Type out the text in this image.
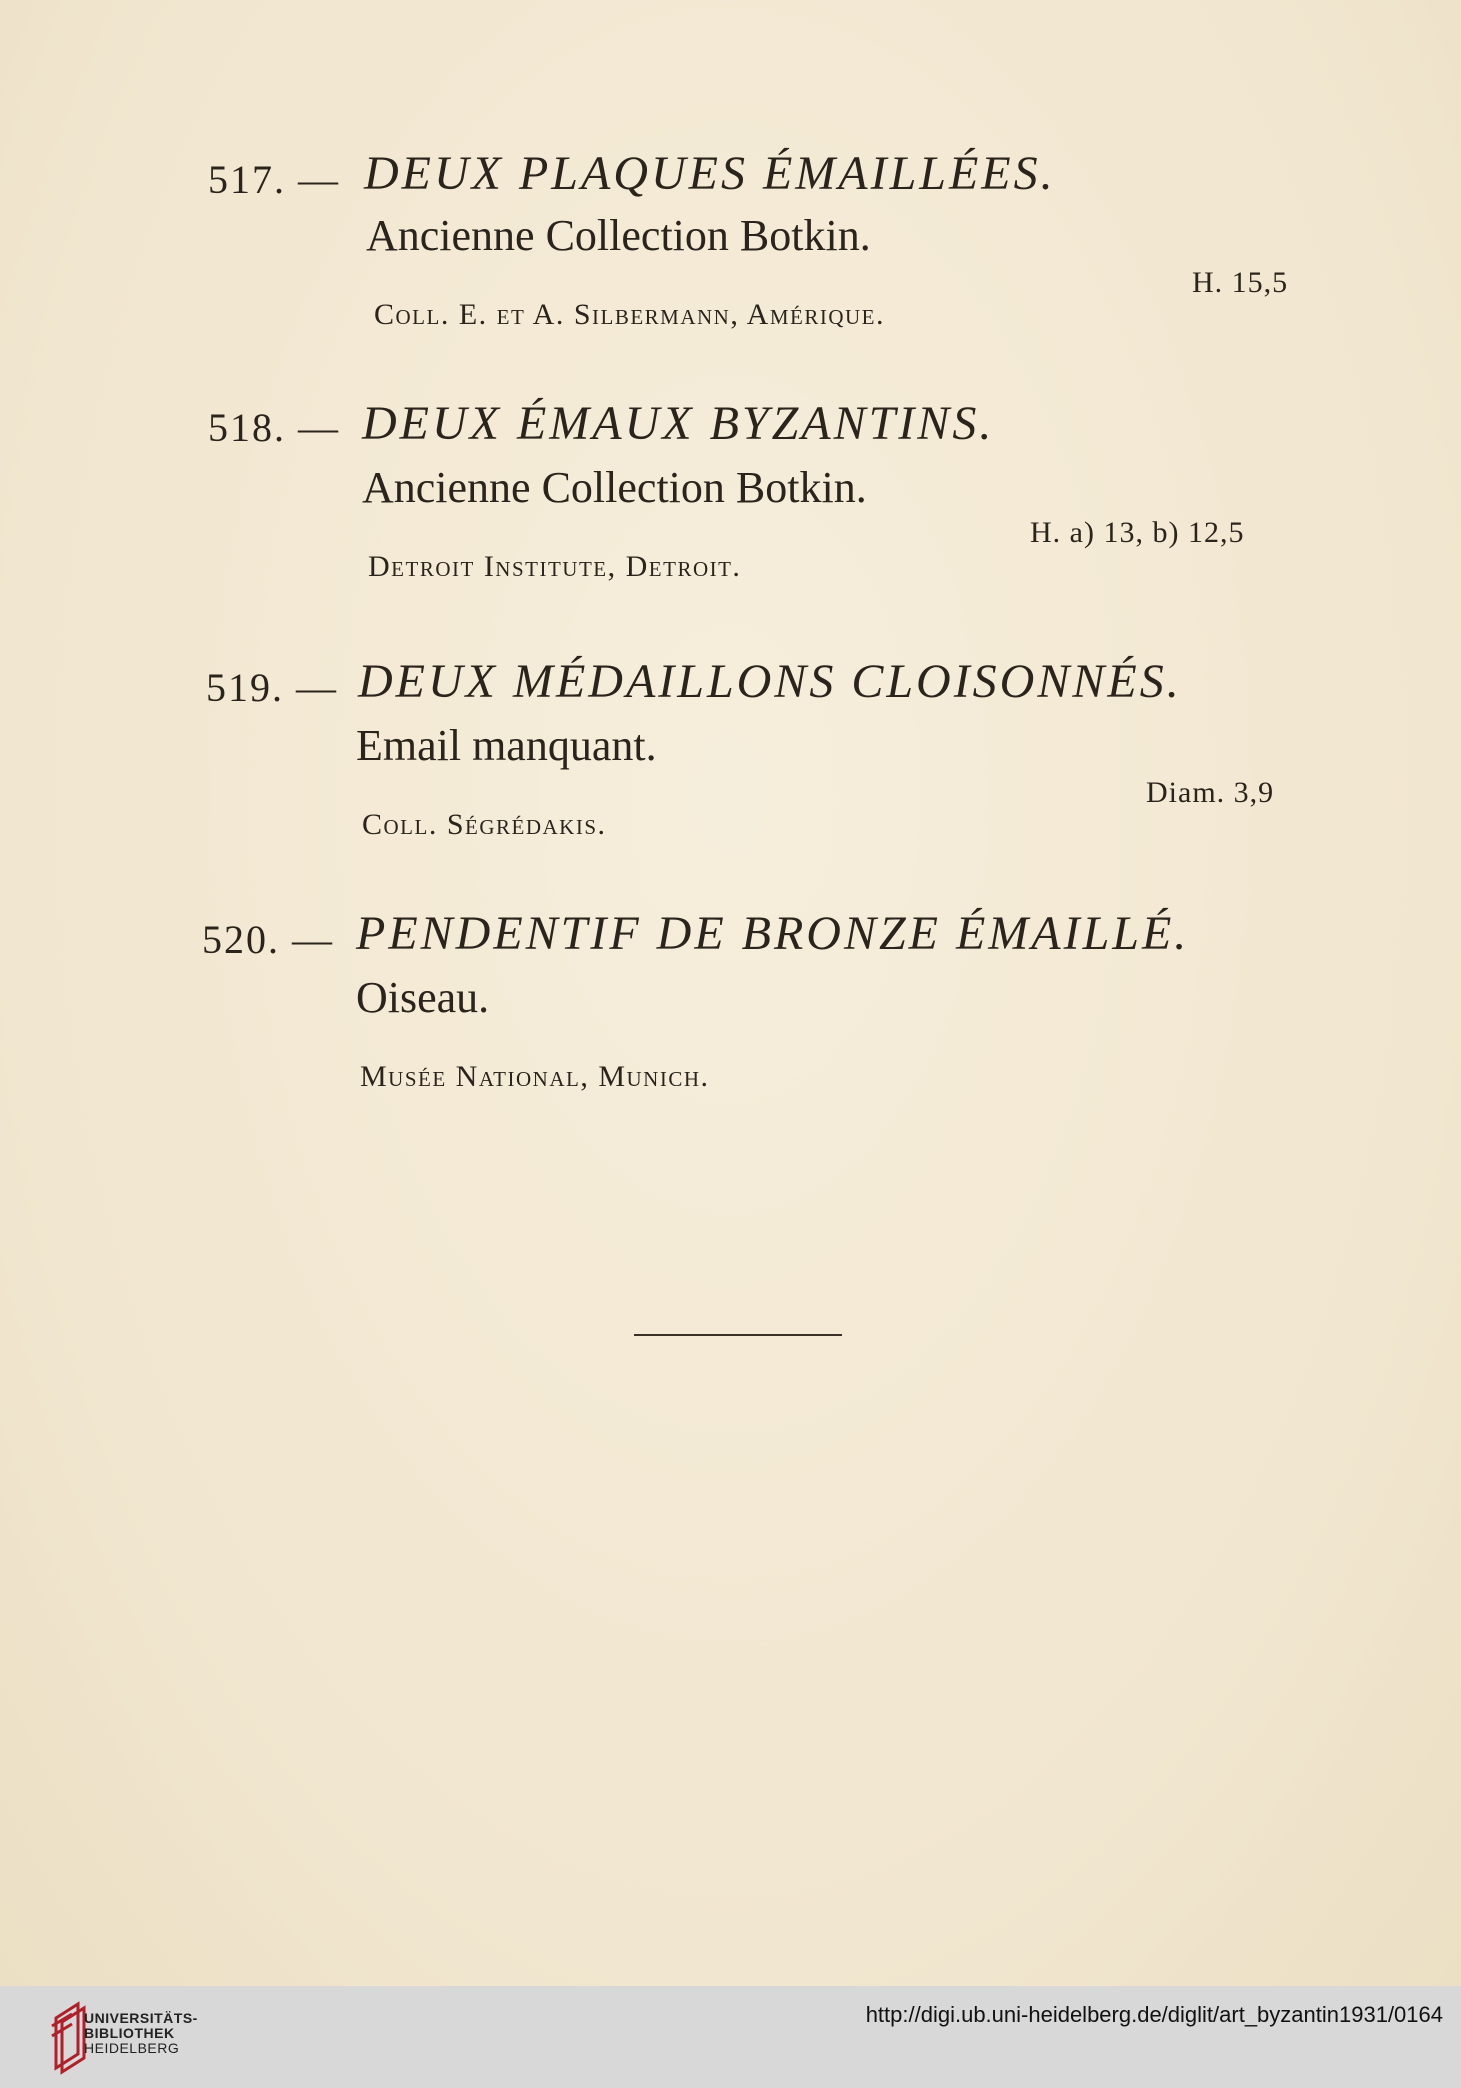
517. — DEUX PLAQUES ÉMAILLÉES.
Ancienne Collection Botkin.
H. 15,5
Coll. E. et A. Silbermann, Amérique.
518. — DEUX ÉMAUX BYZANTINS.
Ancienne Collection Botkin.
H. a) 13, b) 12,5
Detroit Institute, Detroit.
519. — DEUX MÉDAILLONS CLOISONNÉS.
Email manquant.
Diam. 3,9
Coll. Ségrédakis.
520. — PENDENTIF DE BRONZE ÉMAILLÉ.
Oiseau.
Musée National, Munich.
UNIVERSITÄTS-
BIBLIOTHEK
HEIDELBERG
http://digi.ub.uni-heidelberg.de/diglit/art_byzantin1931/0164
